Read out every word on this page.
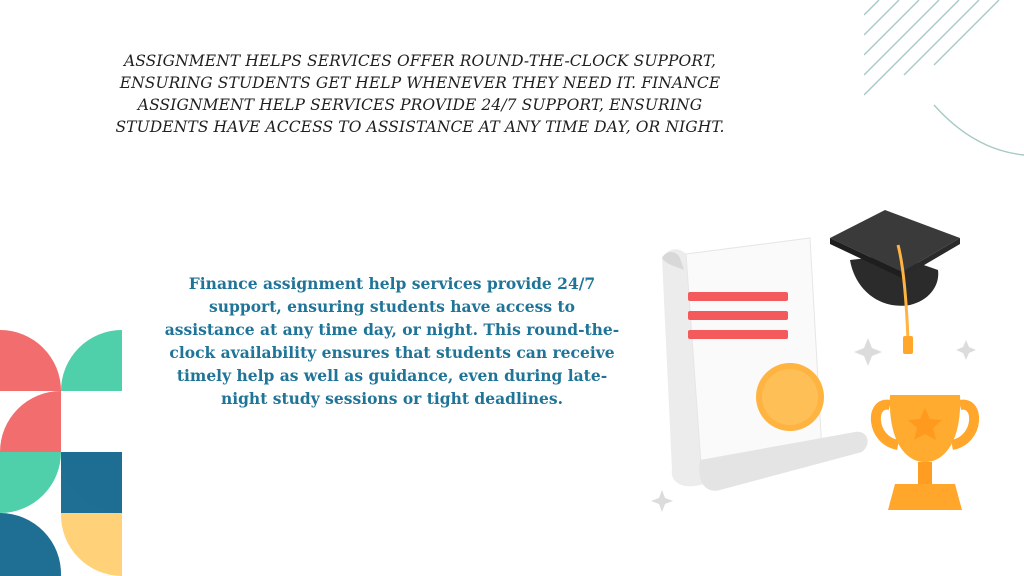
ASSIGNMENT HELPS SERVICES OFFER ROUND-THE-CLOCK SUPPORT, ENSURING STUDENTS GET HELP WHENEVER THEY NEED IT. FINANCE ASSIGNMENT HELP SERVICES PROVIDE 24/7 SUPPORT, ENSURING STUDENTS HAVE ACCESS TO ASSISTANCE AT ANY TIME DAY, OR NIGHT.

Finance assignment help services provide 24/7 support, ensuring students have access to assistance at any time day, or night. This round-the-clock availability ensures that students can receive timely help as well as guidance, even during late-night study sessions or tight deadlines.
